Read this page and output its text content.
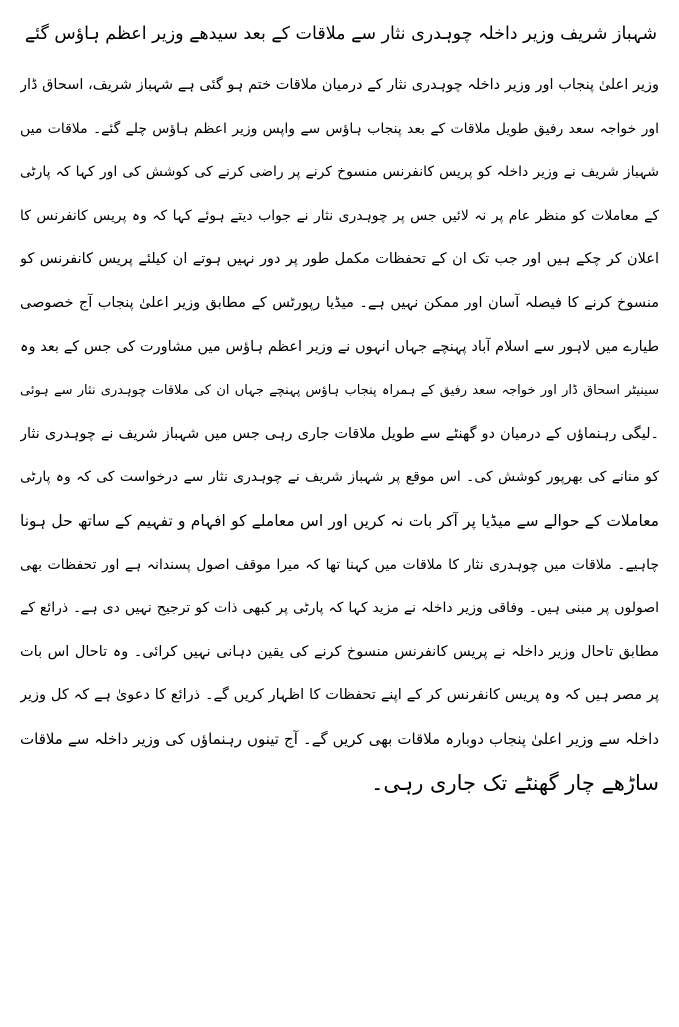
شہباز شریف وزیر داخلہ چوہدری نثار سے ملاقات کے بعد سیدھے وزیر اعظم ہاؤس گئے
وزیر اعلیٰ پنجاب اور وزیر داخلہ چوہدری نثار کے درمیان ملاقات ختم ہو گئی ہے شہباز شریف، اسحاق ڈار
اور خواجہ سعد رفیق طویل ملاقات کے بعد پنجاب ہاؤس سے واپس وزیر اعظم ہاؤس چلے گئے۔ ملاقات میں
شہباز شریف نے وزیر داخلہ کو پریس کانفرنس منسوخ کرنے پر راضی کرنے کی کوشش کی اور کہا کہ پارٹی
کے معاملات کو منظر عام پر نہ لائیں جس پر چوہدری نثار نے جواب دیتے ہوئے کہا کہ وہ پریس کانفرنس کا
اعلان کر چکے ہیں اور جب تک ان کے تحفظات مکمل طور پر دور نہیں ہوتے ان کیلئے پریس کانفرنس کو
منسوخ کرنے کا فیصلہ آسان اور ممکن نہیں ہے۔ میڈیا رپورٹس کے مطابق وزیر اعلیٰ پنجاب آج خصوصی
طیارے میں لاہور سے اسلام آباد پہنچے جہاں انہوں نے وزیر اعظم ہاؤس میں مشاورت کی جس کے بعد وہ
سینیٹر اسحاق ڈار اور خواجہ سعد رفیق کے ہمراہ پنجاب ہاؤس پہنچے جہاں ان کی ملاقات چوہدری نثار سے ہوئی
۔لیگی رہنماؤں کے درمیان دو گھنٹے سے طویل ملاقات جاری رہی جس میں شہباز شریف نے چوہدری نثار
کو منانے کی بھرپور کوشش کی۔ اس موقع پر شہباز شریف نے چوہدری نثار سے درخواست کی کہ وہ پارٹی
معاملات کے حوالے سے میڈیا پر آکر بات نہ کریں اور اس معاملے کو افہام و تفہیم کے ساتھ حل ہونا
چاہیے۔ ملاقات میں چوہدری نثار کا ملاقات میں کہنا تھا کہ میرا موقف اصول پسندانہ ہے اور تحفظات بھی
اصولوں پر مبنی ہیں۔ وفاقی وزیر داخلہ نے مزید کہا کہ پارٹی پر کبھی ذات کو ترجیح نہیں دی ہے۔ ذرائع کے
مطابق تاحال وزیر داخلہ نے پریس کانفرنس منسوخ کرنے کی یقین دہانی نہیں کرائی۔ وہ تاحال اس بات
پر مصر ہیں کہ وہ پریس کانفرنس کر کے اپنے تحفظات کا اظہار کریں گے۔ ذرائع کا دعویٰ ہے کہ کل وزیر
داخلہ سے وزیر اعلیٰ پنجاب دوبارہ ملاقات بھی کریں گے۔ آج تینوں رہنماؤں کی وزیر داخلہ سے ملاقات
ساڑھے چار گھنٹے تک جاری رہی۔
